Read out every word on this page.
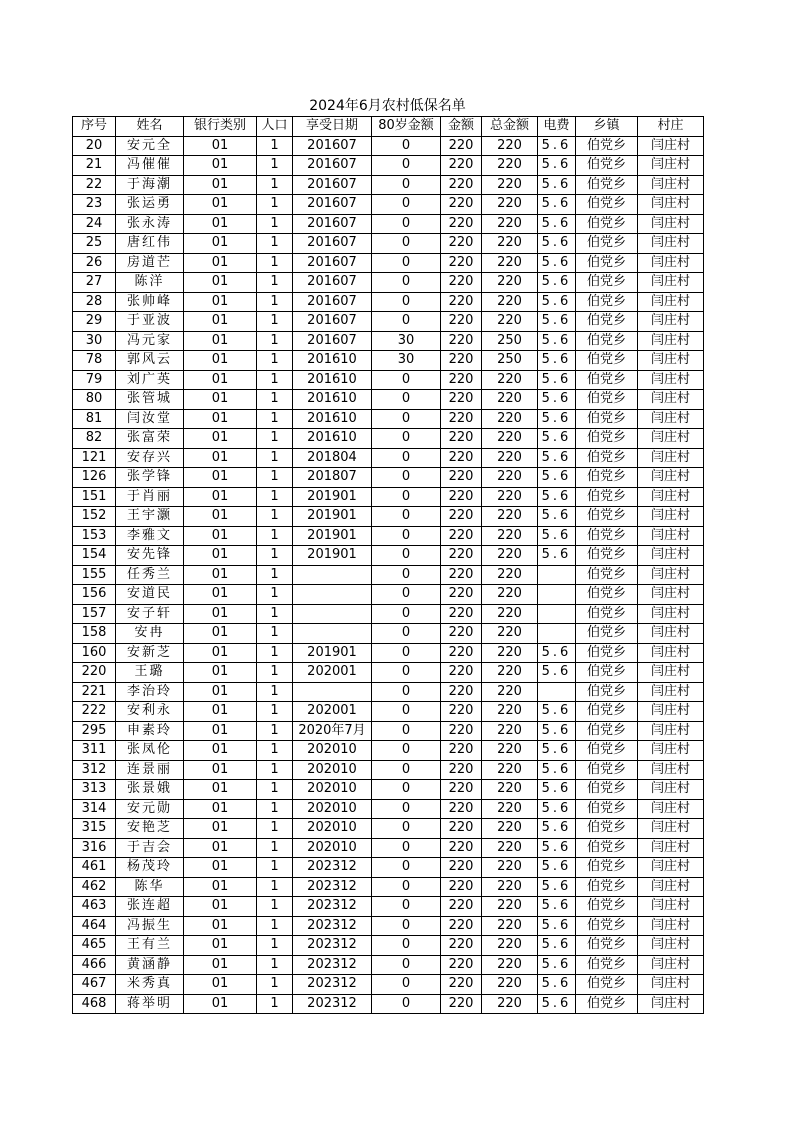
2024年6月农村低保名单
序号	姓名	银行类别	人口	享受日期	80岁金额	金额	总金额	电费	乡镇	村庄
20	安元全	01	1	201607	0	220	220	5.6	伯党乡	闫庄村
21	冯催催	01	1	201607	0	220	220	5.6	伯党乡	闫庄村
22	于海潮	01	1	201607	0	220	220	5.6	伯党乡	闫庄村
23	张运勇	01	1	201607	0	220	220	5.6	伯党乡	闫庄村
24	张永涛	01	1	201607	0	220	220	5.6	伯党乡	闫庄村
25	唐红伟	01	1	201607	0	220	220	5.6	伯党乡	闫庄村
26	房道芒	01	1	201607	0	220	220	5.6	伯党乡	闫庄村
27	陈洋	01	1	201607	0	220	220	5.6	伯党乡	闫庄村
28	张帅峰	01	1	201607	0	220	220	5.6	伯党乡	闫庄村
29	于亚波	01	1	201607	0	220	220	5.6	伯党乡	闫庄村
30	冯元家	01	1	201607	30	220	250	5.6	伯党乡	闫庄村
78	郭风云	01	1	201610	30	220	250	5.6	伯党乡	闫庄村
79	刘广英	01	1	201610	0	220	220	5.6	伯党乡	闫庄村
80	张管城	01	1	201610	0	220	220	5.6	伯党乡	闫庄村
81	闫汝堂	01	1	201610	0	220	220	5.6	伯党乡	闫庄村
82	张富荣	01	1	201610	0	220	220	5.6	伯党乡	闫庄村
121	安存兴	01	1	201804	0	220	220	5.6	伯党乡	闫庄村
126	张学锋	01	1	201807	0	220	220	5.6	伯党乡	闫庄村
151	于肖丽	01	1	201901	0	220	220	5.6	伯党乡	闫庄村
152	王宇灏	01	1	201901	0	220	220	5.6	伯党乡	闫庄村
153	李雅文	01	1	201901	0	220	220	5.6	伯党乡	闫庄村
154	安先锋	01	1	201901	0	220	220	5.6	伯党乡	闫庄村
155	任秀兰	01	1		0	220	220		伯党乡	闫庄村
156	安道民	01	1		0	220	220		伯党乡	闫庄村
157	安子轩	01	1		0	220	220		伯党乡	闫庄村
158	安冉	01	1		0	220	220		伯党乡	闫庄村
160	安新芝	01	1	201901	0	220	220	5.6	伯党乡	闫庄村
220	王璐	01	1	202001	0	220	220	5.6	伯党乡	闫庄村
221	李治玲	01	1		0	220	220		伯党乡	闫庄村
222	安利永	01	1	202001	0	220	220	5.6	伯党乡	闫庄村
295	申素玲	01	1	2020年7月	0	220	220	5.6	伯党乡	闫庄村
311	张凤伦	01	1	202010	0	220	220	5.6	伯党乡	闫庄村
312	连景丽	01	1	202010	0	220	220	5.6	伯党乡	闫庄村
313	张景娥	01	1	202010	0	220	220	5.6	伯党乡	闫庄村
314	安元勋	01	1	202010	0	220	220	5.6	伯党乡	闫庄村
315	安艳芝	01	1	202010	0	220	220	5.6	伯党乡	闫庄村
316	于吉会	01	1	202010	0	220	220	5.6	伯党乡	闫庄村
461	杨茂玲	01	1	202312	0	220	220	5.6	伯党乡	闫庄村
462	陈华	01	1	202312	0	220	220	5.6	伯党乡	闫庄村
463	张连超	01	1	202312	0	220	220	5.6	伯党乡	闫庄村
464	冯振生	01	1	202312	0	220	220	5.6	伯党乡	闫庄村
465	王有兰	01	1	202312	0	220	220	5.6	伯党乡	闫庄村
466	黄涵静	01	1	202312	0	220	220	5.6	伯党乡	闫庄村
467	米秀真	01	1	202312	0	220	220	5.6	伯党乡	闫庄村
468	蒋举明	01	1	202312	0	220	220	5.6	伯党乡	闫庄村
